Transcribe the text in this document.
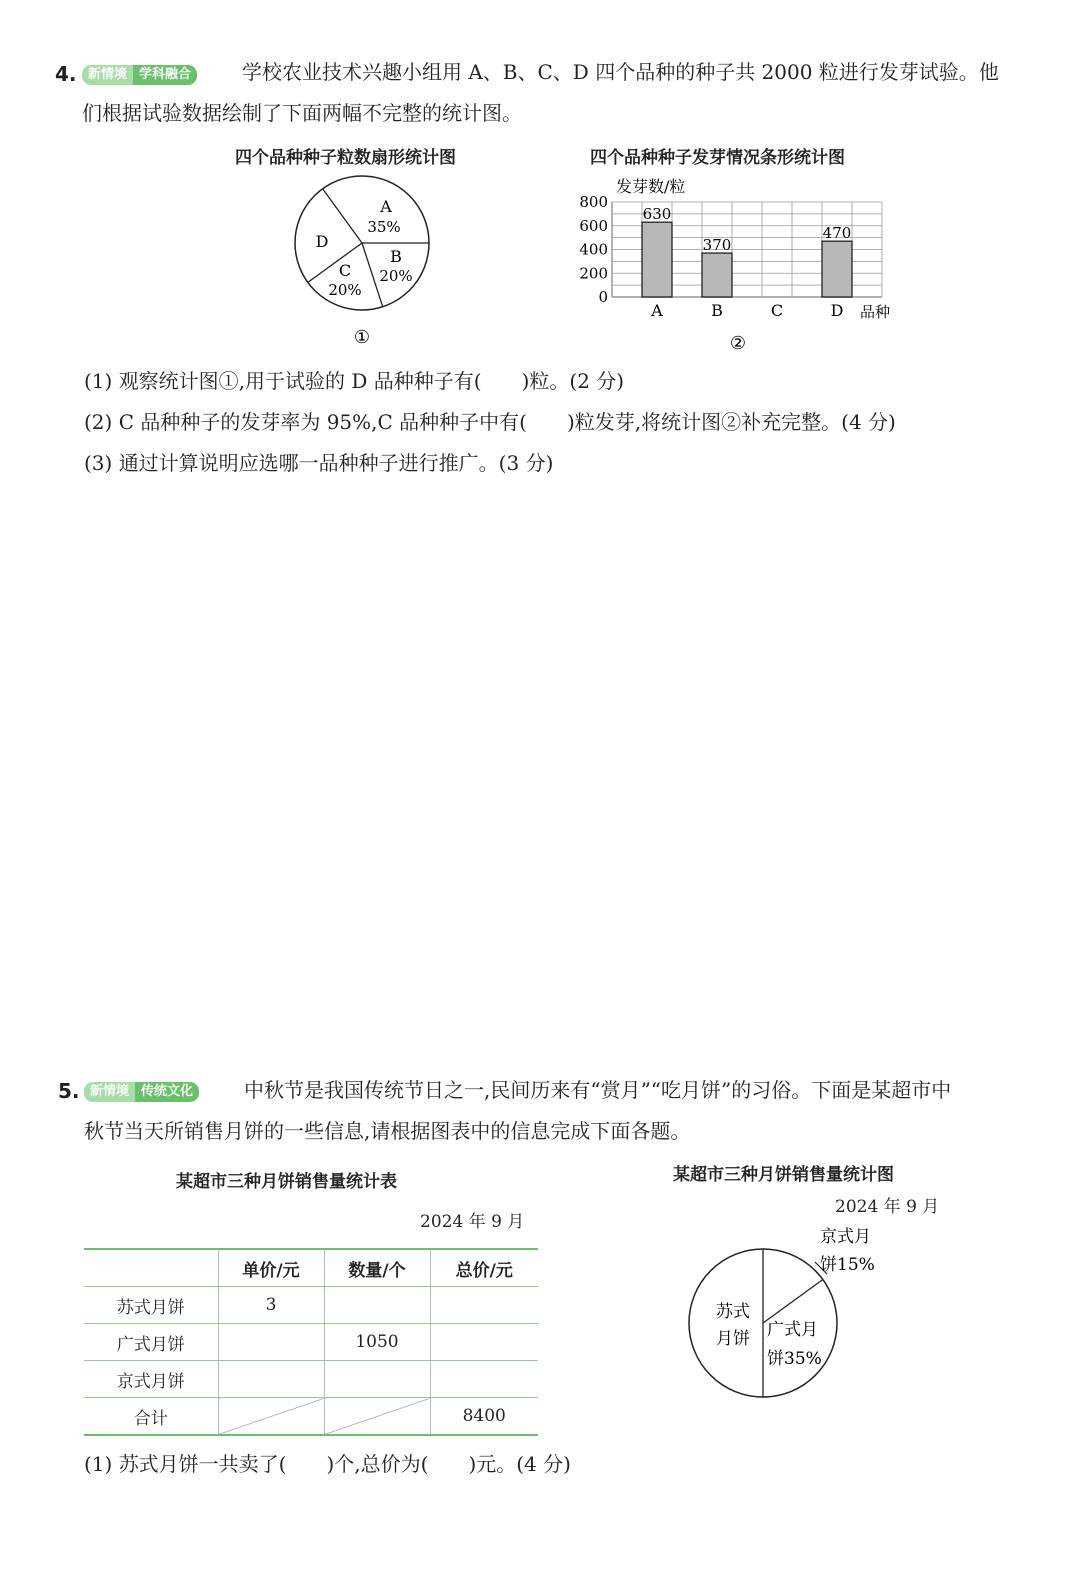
4. 新情境 学科融合	学校农业技术兴趣小组用 A、B、C、D 四个品种的种子共 2000 粒进行发芽试验。他
们根据试验数据绘制了下面两幅不完整的统计图。
四个品种种子粒数扇形统计图
A
35%
B
20%
C
20%
D
①
四个品种种子发芽情况条形统计图
发芽数/粒
0
200
400
600
800
630
370
470
A	B	C	D 品种
②
(1) 观察统计图①,用于试验的 D 品种种子有(　　)粒。(2 分)
(2) C 品种种子的发芽率为 95%,C 品种种子中有(　　)粒发芽,将统计图②补充完整。(4 分)
(3) 通过计算说明应选哪一品种种子进行推广。(3 分)
5. 新情境 传统文化	中秋节是我国传统节日之一,民间历来有“赏月”“吃月饼”的习俗。下面是某超市中
秋节当天所销售月饼的一些信息,请根据图表中的信息完成下面各题。
某超市三种月饼销售量统计表
2024 年 9 月
	单价/元	数量/个	总价/元
苏式月饼	3		
广式月饼		1050	
京式月饼			
合计			8400
某超市三种月饼销售量统计图
2024 年 9 月
京式月
饼15%
广式月
饼35%
苏式
月饼
(1) 苏式月饼一共卖了(　　)个,总价为(　　)元。(4 分)
